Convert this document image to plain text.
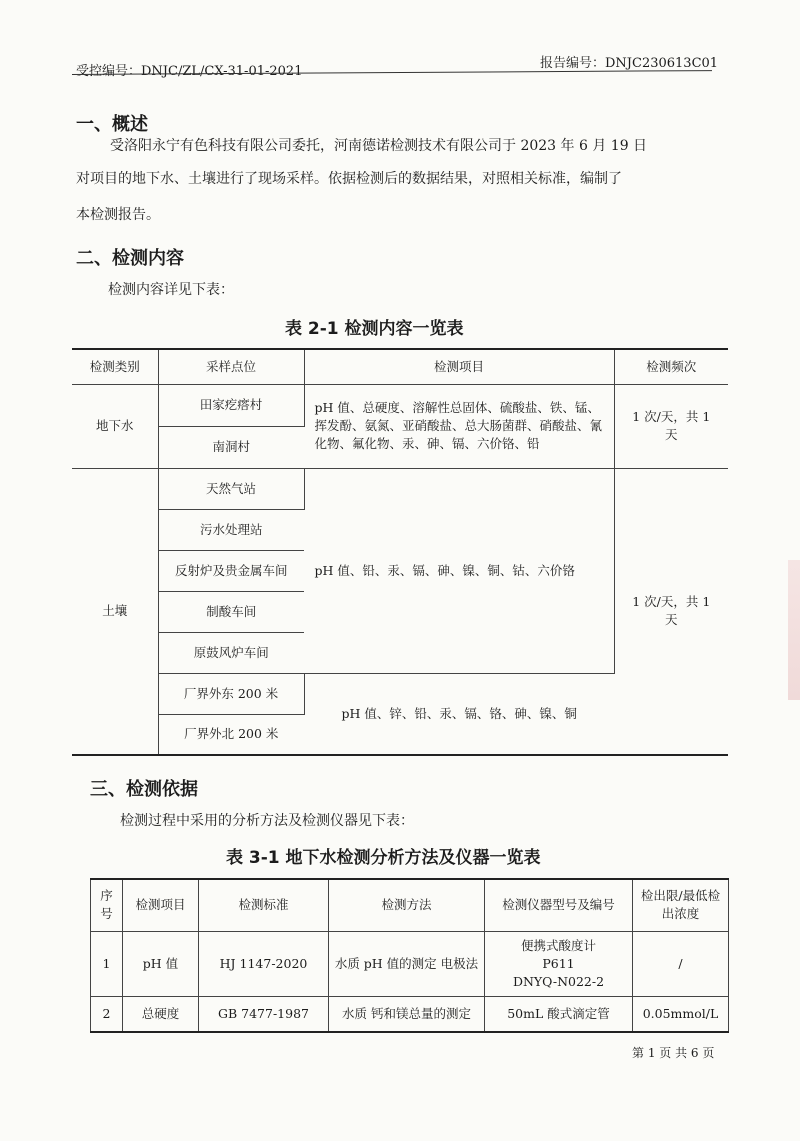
受控编号：DNJC/ZL/CX-31-01-2021
报告编号：DNJC230613C01
一、概述
受洛阳永宁有色科技有限公司委托，河南德诺检测技术有限公司于 2023 年 6 月 19 日
对项目的地下水、土壤进行了现场采样。依据检测后的数据结果，对照相关标准，编制了
本检测报告。
二、检测内容
检测内容详见下表：
表 2-1 检测内容一览表
检测类别	采样点位	检测项目	检测频次
地下水	田家疙瘩村	pH 值、总硬度、溶解性总固体、硫酸盐、铁、锰、挥发酚、氨氮、亚硝酸盐、总大肠菌群、硝酸盐、氰化物、氟化物、汞、砷、镉、六价铬、铅	1 次/天，共 1 天
	南洞村		
土壤	天然气站	pH 值、铅、汞、镉、砷、镍、铜、钴、六价铬	1 次/天，共 1 天
	污水处理站		
	反射炉及贵金属车间		
	制酸车间		
	原鼓风炉车间		
	厂界外东 200 米	pH 值、锌、铅、汞、镉、铬、砷、镍、铜	
	厂界外北 200 米		
三、检测依据
检测过程中采用的分析方法及检测仪器见下表：
表 3-1 地下水检测分析方法及仪器一览表
序号	检测项目	检测标准	检测方法	检测仪器型号及编号	检出限/最低检出浓度
1	pH 值	HJ 1147-2020	水质 pH 值的测定 电极法	便携式酸度计
P611
DNYQ-N022-2	/
2	总硬度	GB 7477-1987	水质 钙和镁总量的测定	50mL 酸式滴定管	0.05mmol/L
第 1 页 共 6 页
